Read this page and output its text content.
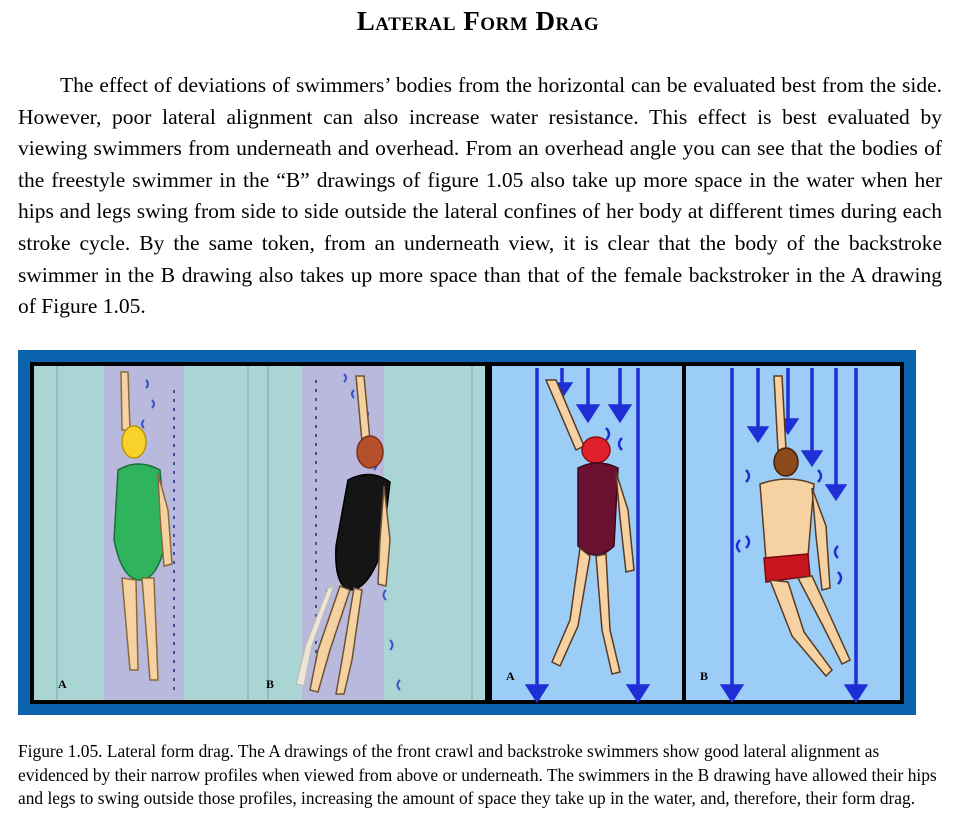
Lateral Form Drag

The effect of deviations of swimmers’ bodies from the horizontal can be evaluated best from the side. However, poor lateral alignment can also increase water resistance. This effect is best evaluated by viewing swimmers from underneath and overhead. From an overhead angle you can see that the bodies of the freestyle swimmer in the “B” drawings of figure 1.05 also take up more space in the water when her hips and legs swing from side to side outside the lateral confines of her body at different times during each stroke cycle. By the same token, from an underneath view, it is clear that the body of the backstroke swimmer in the B drawing also takes up more space than that of the female backstroker in the A drawing of Figure 1.05.

A	B
A	B

Figure 1.05. Lateral form drag. The A drawings of the front crawl and backstroke swimmers show good lateral alignment as evidenced by their narrow profiles when viewed from above or underneath. The swimmers in the B drawing have allowed their hips and legs to swing outside those profiles, increasing the amount of space they take up in the water, and, therefore, their form drag.
